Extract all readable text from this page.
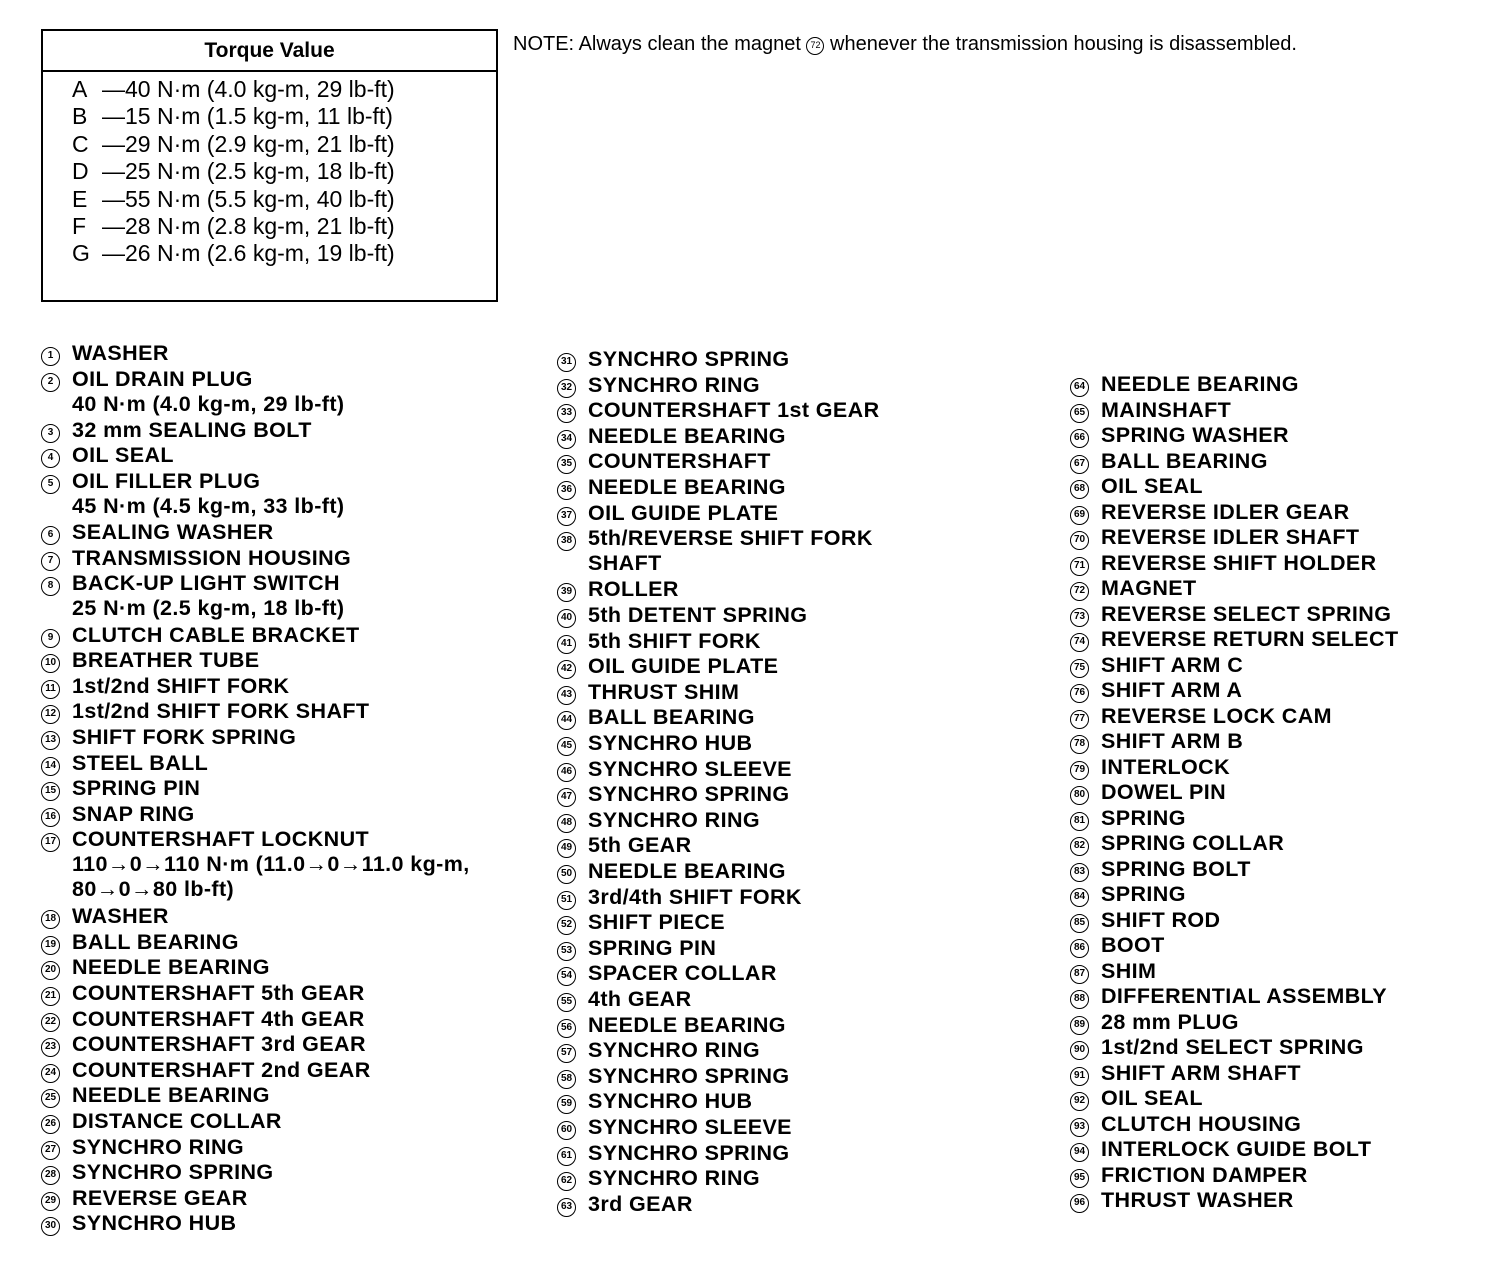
Torque Value
A —40 N·m (4.0 kg-m, 29 lb-ft)
B —15 N·m (1.5 kg-m, 11 lb-ft)
C —29 N·m (2.9 kg-m, 21 lb-ft)
D —25 N·m (2.5 kg-m, 18 lb-ft)
E —55 N·m (5.5 kg-m, 40 lb-ft)
F —28 N·m (2.8 kg-m, 21 lb-ft)
G —26 N·m (2.6 kg-m, 19 lb-ft)
NOTE: Always clean the magnet 72 whenever the transmission housing is disassembled.
1 WASHER
2 OIL DRAIN PLUG
40 N·m (4.0 kg-m, 29 lb-ft)
3 32 mm SEALING BOLT
4 OIL SEAL
5 OIL FILLER PLUG
45 N·m (4.5 kg-m, 33 lb-ft)
6 SEALING WASHER
7 TRANSMISSION HOUSING
8 BACK-UP LIGHT SWITCH
25 N·m (2.5 kg-m, 18 lb-ft)
9 CLUTCH CABLE BRACKET
10 BREATHER TUBE
11 1st/2nd SHIFT FORK
12 1st/2nd SHIFT FORK SHAFT
13 SHIFT FORK SPRING
14 STEEL BALL
15 SPRING PIN
16 SNAP RING
17 COUNTERSHAFT LOCKNUT
110→0→110 N·m (11.0→0→11.0 kg-m,
80→0→80 lb-ft)
18 WASHER
19 BALL BEARING
20 NEEDLE BEARING
21 COUNTERSHAFT 5th GEAR
22 COUNTERSHAFT 4th GEAR
23 COUNTERSHAFT 3rd GEAR
24 COUNTERSHAFT 2nd GEAR
25 NEEDLE BEARING
26 DISTANCE COLLAR
27 SYNCHRO RING
28 SYNCHRO SPRING
29 REVERSE GEAR
30 SYNCHRO HUB
31 SYNCHRO SPRING
32 SYNCHRO RING
33 COUNTERSHAFT 1st GEAR
34 NEEDLE BEARING
35 COUNTERSHAFT
36 NEEDLE BEARING
37 OIL GUIDE PLATE
38 5th/REVERSE SHIFT FORK
SHAFT
39 ROLLER
40 5th DETENT SPRING
41 5th SHIFT FORK
42 OIL GUIDE PLATE
43 THRUST SHIM
44 BALL BEARING
45 SYNCHRO HUB
46 SYNCHRO SLEEVE
47 SYNCHRO SPRING
48 SYNCHRO RING
49 5th GEAR
50 NEEDLE BEARING
51 3rd/4th SHIFT FORK
52 SHIFT PIECE
53 SPRING PIN
54 SPACER COLLAR
55 4th GEAR
56 NEEDLE BEARING
57 SYNCHRO RING
58 SYNCHRO SPRING
59 SYNCHRO HUB
60 SYNCHRO SLEEVE
61 SYNCHRO SPRING
62 SYNCHRO RING
63 3rd GEAR
64 NEEDLE BEARING
65 MAINSHAFT
66 SPRING WASHER
67 BALL BEARING
68 OIL SEAL
69 REVERSE IDLER GEAR
70 REVERSE IDLER SHAFT
71 REVERSE SHIFT HOLDER
72 MAGNET
73 REVERSE SELECT SPRING
74 REVERSE RETURN SELECT
75 SHIFT ARM C
76 SHIFT ARM A
77 REVERSE LOCK CAM
78 SHIFT ARM B
79 INTERLOCK
80 DOWEL PIN
81 SPRING
82 SPRING COLLAR
83 SPRING BOLT
84 SPRING
85 SHIFT ROD
86 BOOT
87 SHIM
88 DIFFERENTIAL ASSEMBLY
89 28 mm PLUG
90 1st/2nd SELECT SPRING
91 SHIFT ARM SHAFT
92 OIL SEAL
93 CLUTCH HOUSING
94 INTERLOCK GUIDE BOLT
95 FRICTION DAMPER
96 THRUST WASHER
